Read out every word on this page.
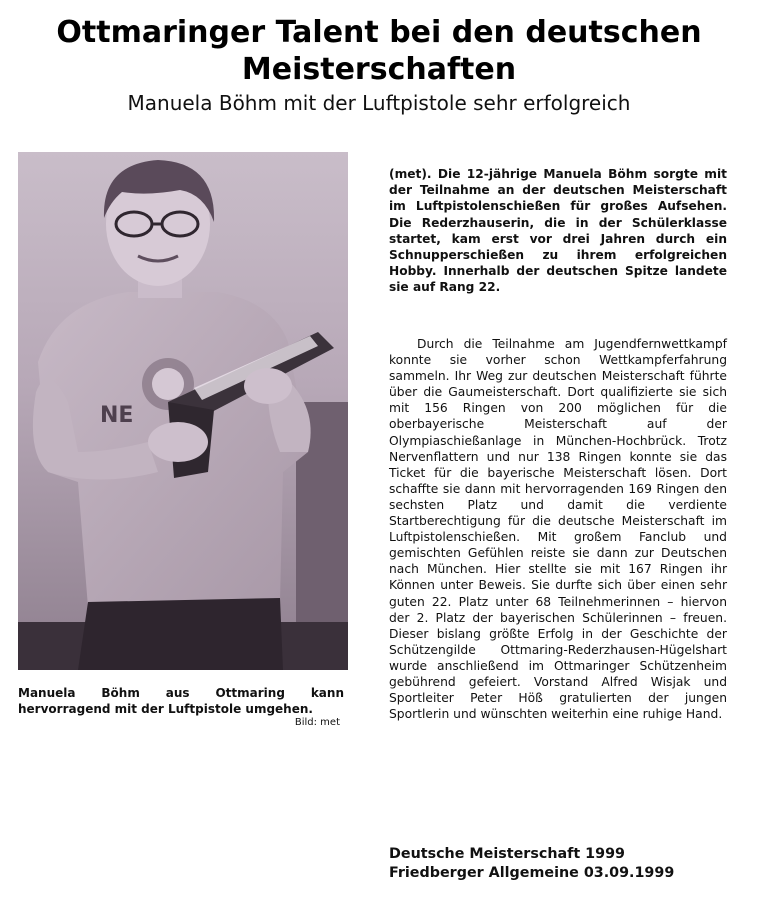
Ottmaringer Talent bei den deutschen
Meisterschaften

Manuela Böhm mit der Luftpistole sehr erfolgreich

NE

Manuela Böhm aus Ottmaring kann hervorragend mit der Luftpistole umgehen.

Bild: met

(met). Die 12-jährige Manuela Böhm sorgte mit der Teilnahme an der deutschen Meisterschaft im Luftpistolenschießen für großes Aufsehen. Die Rederzhauserin, die in der Schülerklasse startet, kam erst vor drei Jahren durch ein Schnupperschießen zu ihrem erfolgreichen Hobby. Innerhalb der deutschen Spitze landete sie auf Rang 22.

Durch die Teilnahme am Jugendfernwettkampf konnte sie vorher schon Wettkampferfahrung sammeln. Ihr Weg zur deutschen Meisterschaft führte über die Gaumeisterschaft. Dort qualifizierte sie sich mit 156 Ringen von 200 möglichen für die oberbayerische Meisterschaft auf der Olympiaschießanlage in München-Hochbrück. Trotz Nervenflattern und nur 138 Ringen konnte sie das Ticket für die bayerische Meisterschaft lösen. Dort schaffte sie dann mit hervorragenden 169 Ringen den sechsten Platz und damit die verdiente Startberechtigung für die deutsche Meisterschaft im Luftpistolenschießen. Mit großem Fanclub und gemischten Gefühlen reiste sie dann zur Deutschen nach München. Hier stellte sie mit 167 Ringen ihr Können unter Beweis. Sie durfte sich über einen sehr guten 22. Platz unter 68 Teilnehmerinnen – hiervon der 2. Platz der bayerischen Schülerinnen – freuen. Dieser bislang größte Erfolg in der Geschichte der Schützengilde Ottmaring-Rederzhausen-Hügelshart wurde anschließend im Ottmaringer Schützenheim gebührend gefeiert. Vorstand Alfred Wisjak und Sportleiter Peter Höß gratulierten der jungen Sportlerin und wünschten weiterhin eine ruhige Hand.

Deutsche Meisterschaft 1999
Friedberger Allgemeine 03.09.1999
